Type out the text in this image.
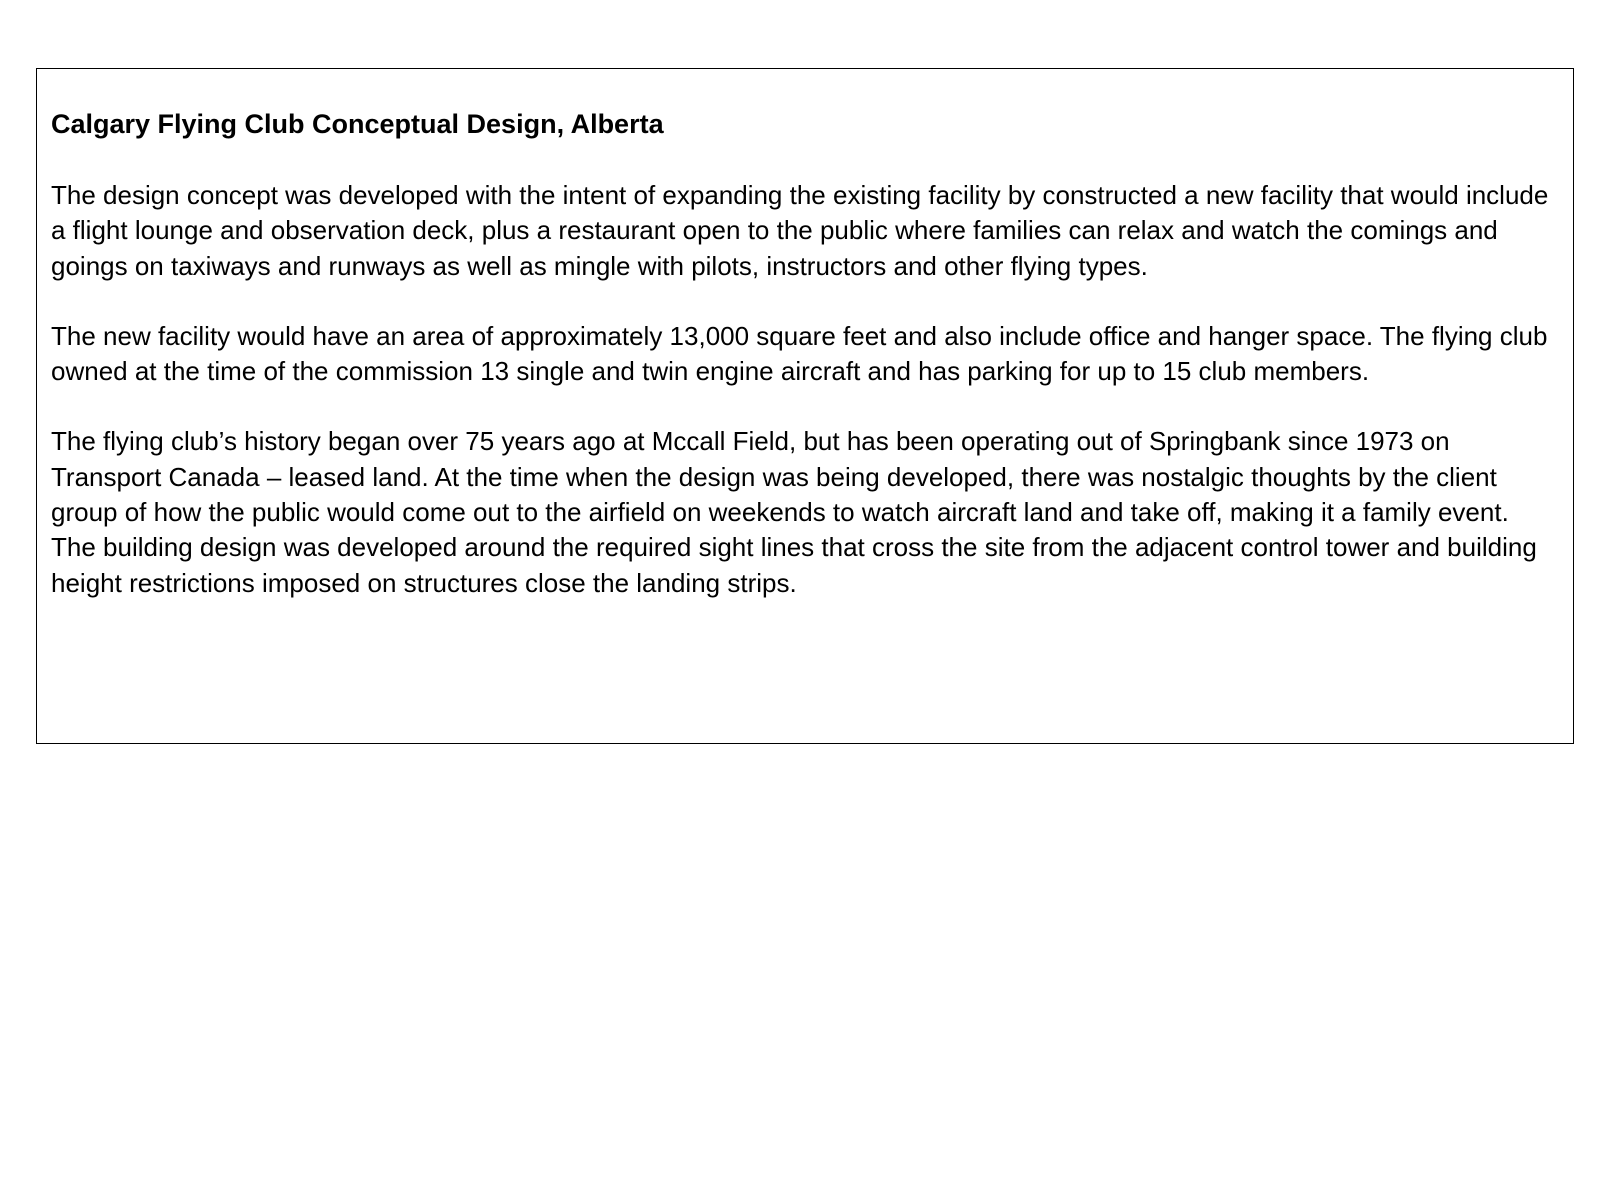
Calgary Flying Club Conceptual Design, Alberta

The design concept was developed with the intent of expanding the existing facility by constructed a new facility that would include a flight lounge and observation deck, plus a restaurant open to the public where families can relax and watch the comings and goings on taxiways and runways as well as mingle with pilots, instructors and other flying types.

The new facility would have an area of approximately 13,000 square feet and also include office and hanger space. The flying club owned at the time of the commission 13 single and twin engine aircraft and has parking for up to 15 club members.

The flying club’s history began over 75 years ago at Mccall Field, but has been operating out of Springbank since 1973 on Transport Canada – leased land. At the time when the design was being developed, there was nostalgic thoughts by the client group of how the public would come out to the airfield on weekends to watch aircraft land and take off, making it a family event. The building design was developed around the required sight lines that cross the site from the adjacent control tower and building height restrictions imposed on structures close the landing strips.
